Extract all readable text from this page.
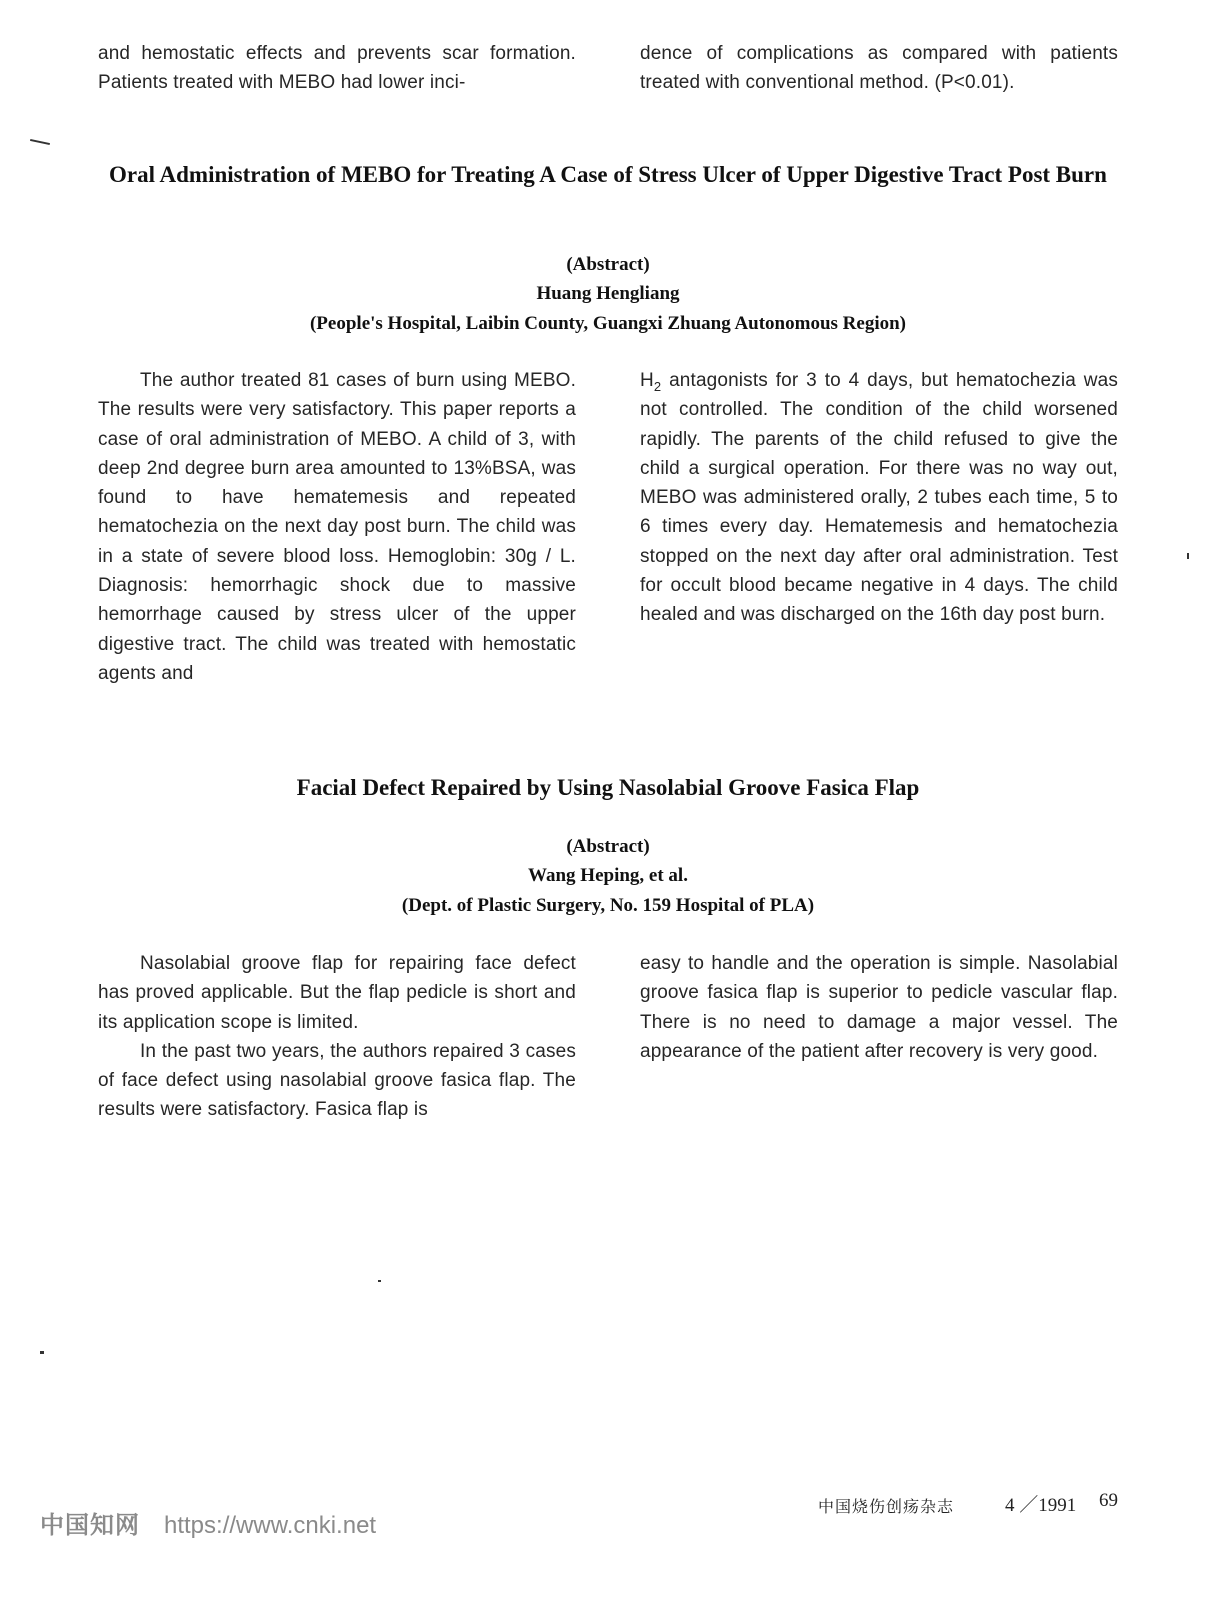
and hemostatic effects and prevents scar formation. Patients treated with MEBO had lower inci-

dence of complications as compared with patients treated with conventional method. (P<0.01).

Oral Administration of MEBO for Treating A Case of Stress Ulcer of Upper Digestive Tract Post Burn
(Abstract)
Huang Hengliang
(People's Hospital, Laibin County, Guangxi Zhuang Autonomous Region)

The author treated 81 cases of burn using MEBO. The results were very satisfactory. This paper reports a case of oral administration of MEBO. A child of 3, with deep 2nd degree burn area amounted to 13%BSA, was found to have hematemesis and repeated hematochezia on the next day post burn. The child was in a state of severe blood loss. Hemoglobin: 30g / L. Diagnosis: hemorrhagic shock due to massive hemorrhage caused by stress ulcer of the upper digestive tract. The child was treated with hemostatic agents and

$H_2$ antagonists for 3 to 4 days, but hematochezia was not controlled. The condition of the child worsened rapidly. The parents of the child refused to give the child a surgical operation. For there was no way out, MEBO was administered orally, 2 tubes each time, 5 to 6 times every day. Hematemesis and hematochezia stopped on the next day after oral administration. Test for occult blood became negative in 4 days. The child healed and was discharged on the 16th day post burn.

Facial Defect Repaired by Using Nasolabial Groove Fasica Flap
(Abstract)
Wang Heping, et al.
(Dept. of Plastic Surgery, No. 159 Hospital of PLA)

Nasolabial groove flap for repairing face defect has proved applicable. But the flap pedicle is short and its application scope is limited.

In the past two years, the authors repaired 3 cases of face defect using nasolabial groove fasica flap. The results were satisfactory. Fasica flap is

easy to handle and the operation is simple. Nasolabial groove fasica flap is superior to pedicle vascular flap. There is no need to damage a major vessel. The appearance of the patient after recovery is very good.

中国烧伤创疡杂志	4 ／1991 69
中国知网 https://www.cnki.net
